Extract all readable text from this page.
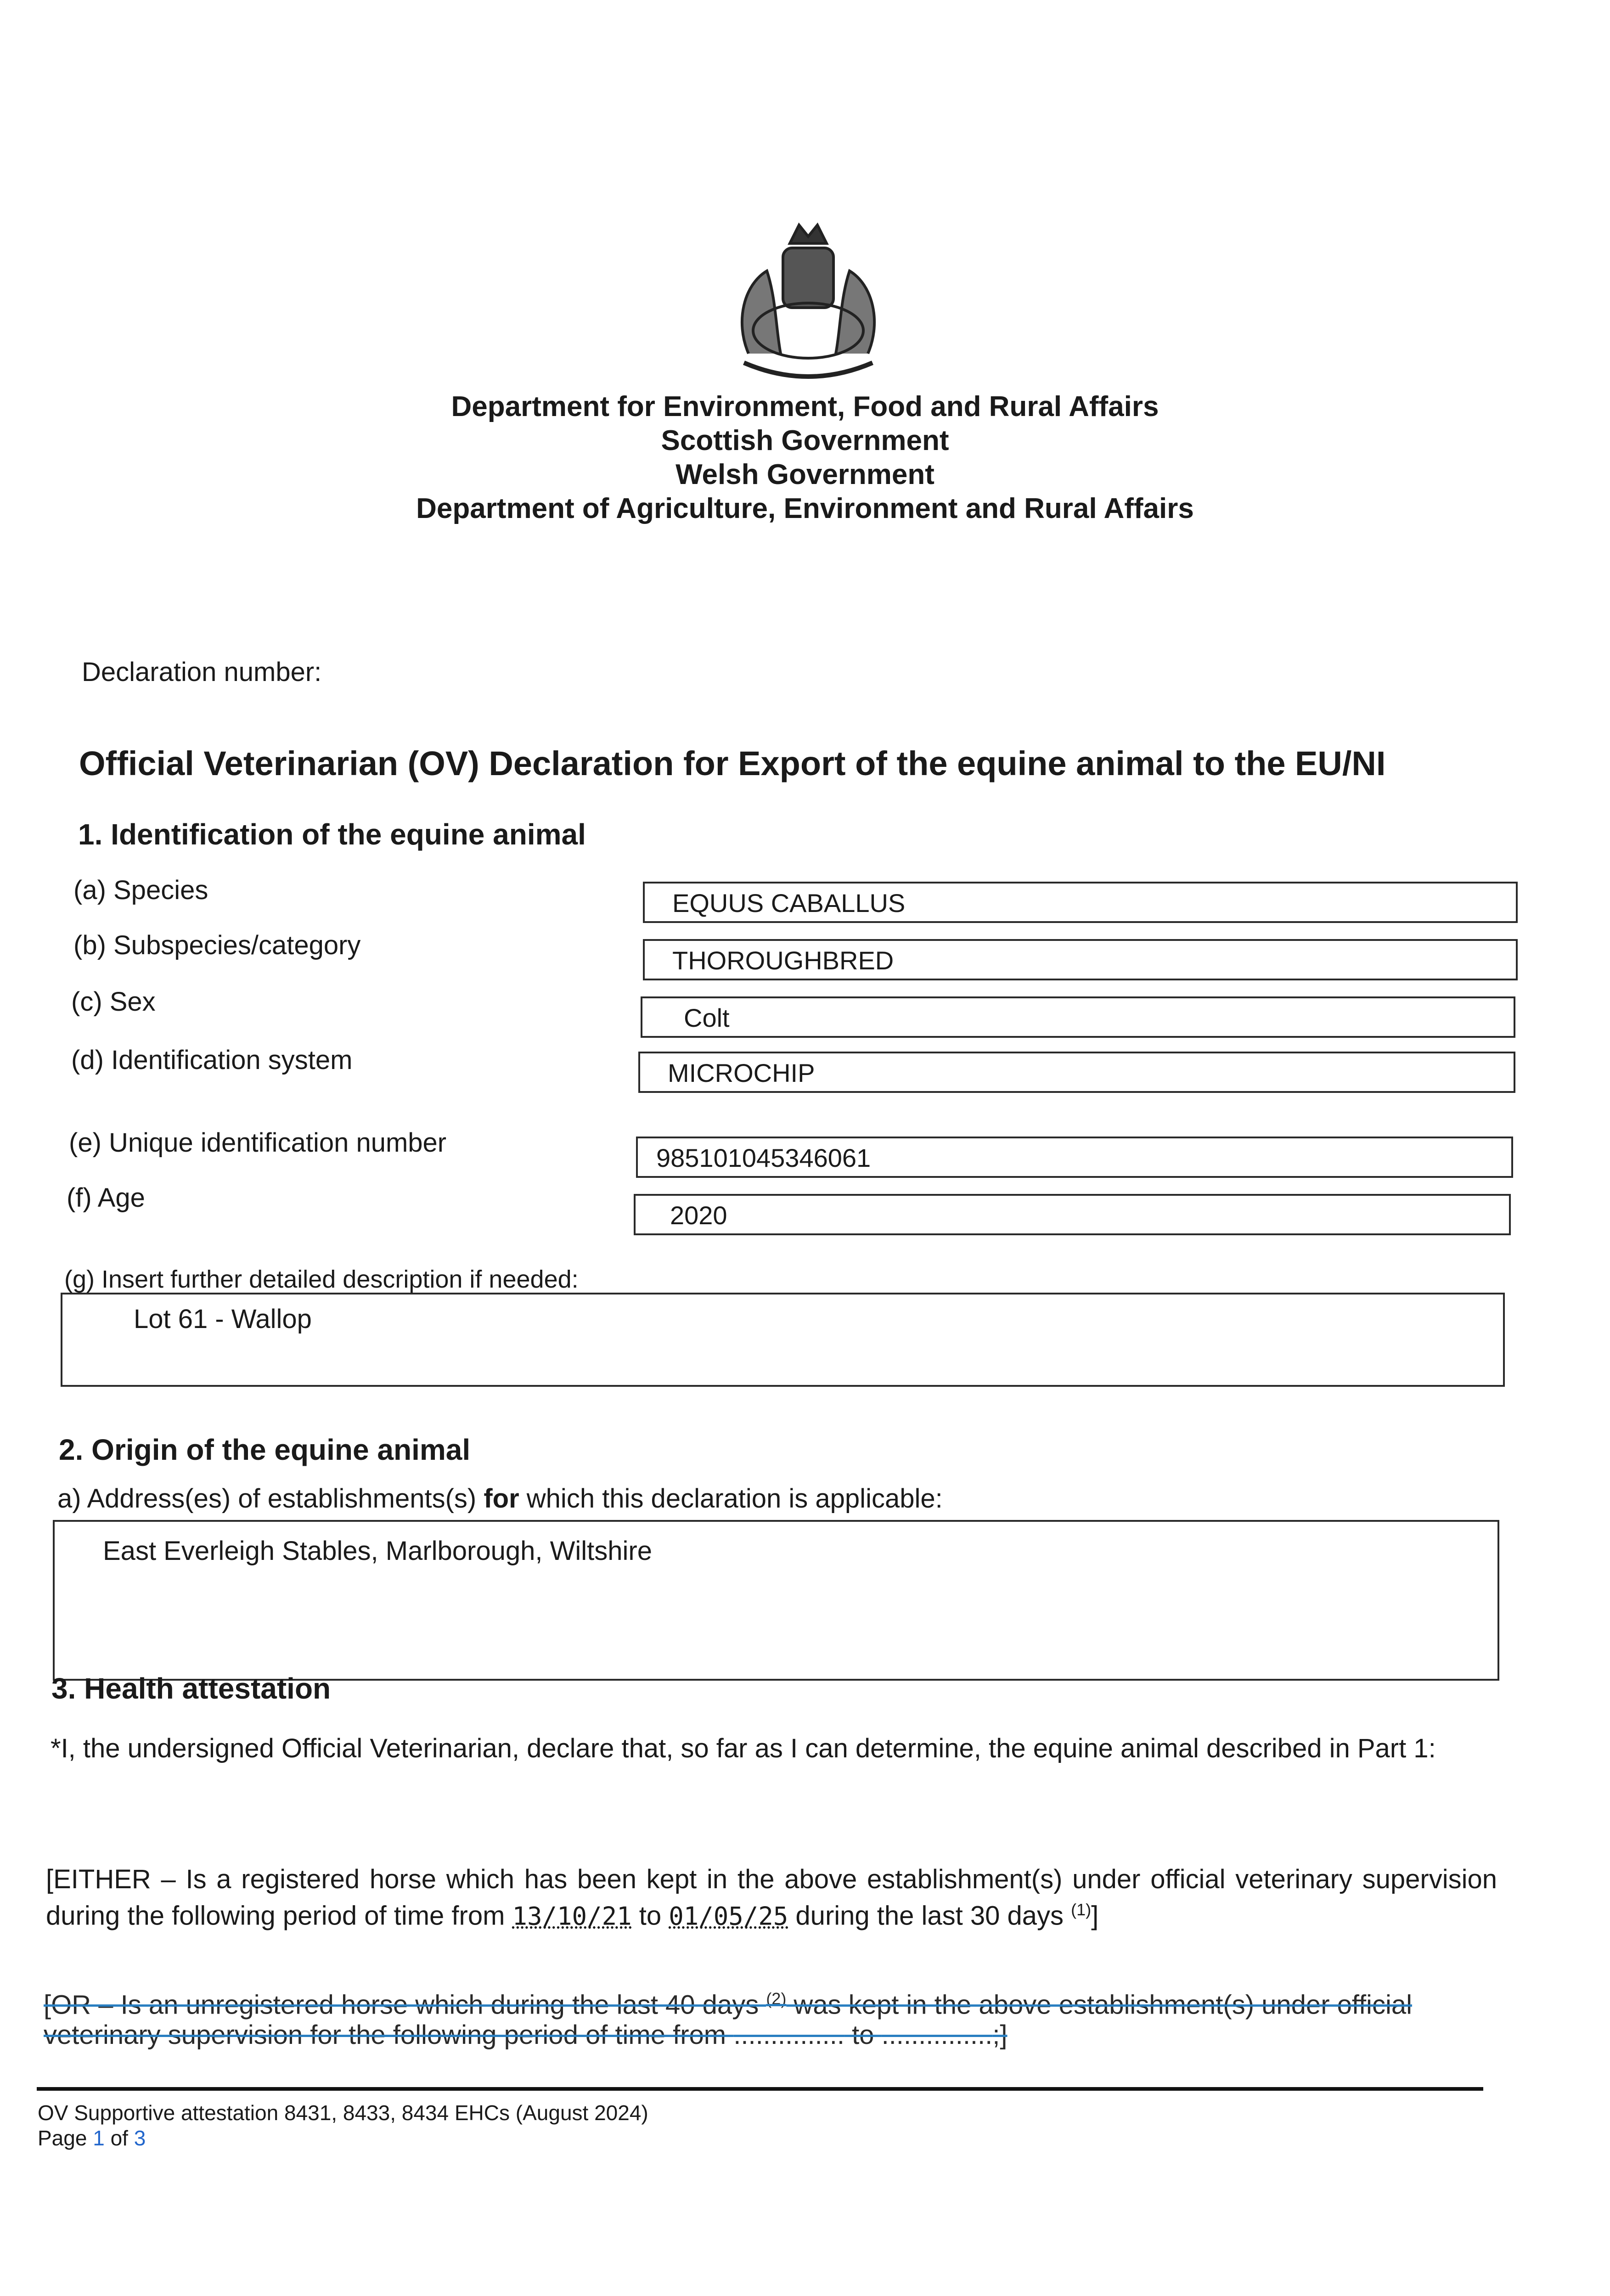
Department for Environment, Food and Rural Affairs
Scottish Government
Welsh Government
Department of Agriculture, Environment and Rural Affairs
Declaration number:
Official Veterinarian (OV) Declaration for Export of the equine animal to the EU/NI
1. Identification of the equine animal
(a) Species	EQUUS CABALLUS
(b) Subspecies/category
THOROUGHBRED
(c) Sex
Colt
(d) Identification system	MICROCHIP
(e) Unique identification number
985101045346061
(f) Age
2020
(g) Insert further detailed description if needed:
Lot 61 - Wallop
2. Origin of the equine animal
a) Address(es) of establishments(s) for which this declaration is applicable:
East Everleigh Stables, Marlborough, Wiltshire
3. Health attestation
*I, the undersigned Official Veterinarian, declare that, so far as I can determine, the equine animal described in Part 1:
[EITHER – Is a registered horse which has been kept in the above establishment(s) under official veterinary supervision during the following period of time from 13/10/21 to 01/05/25 during the last 30 days $^{(1)}$]
[OR – Is an unregistered horse which during the last 40 days $^{(2)}$ was kept in the above establishment(s) under official veterinary supervision for the following period of time from ............... to ...............;]
OV Supportive attestation 8431, 8433, 8434 EHCs (August 2024)
Page 1 of 3
